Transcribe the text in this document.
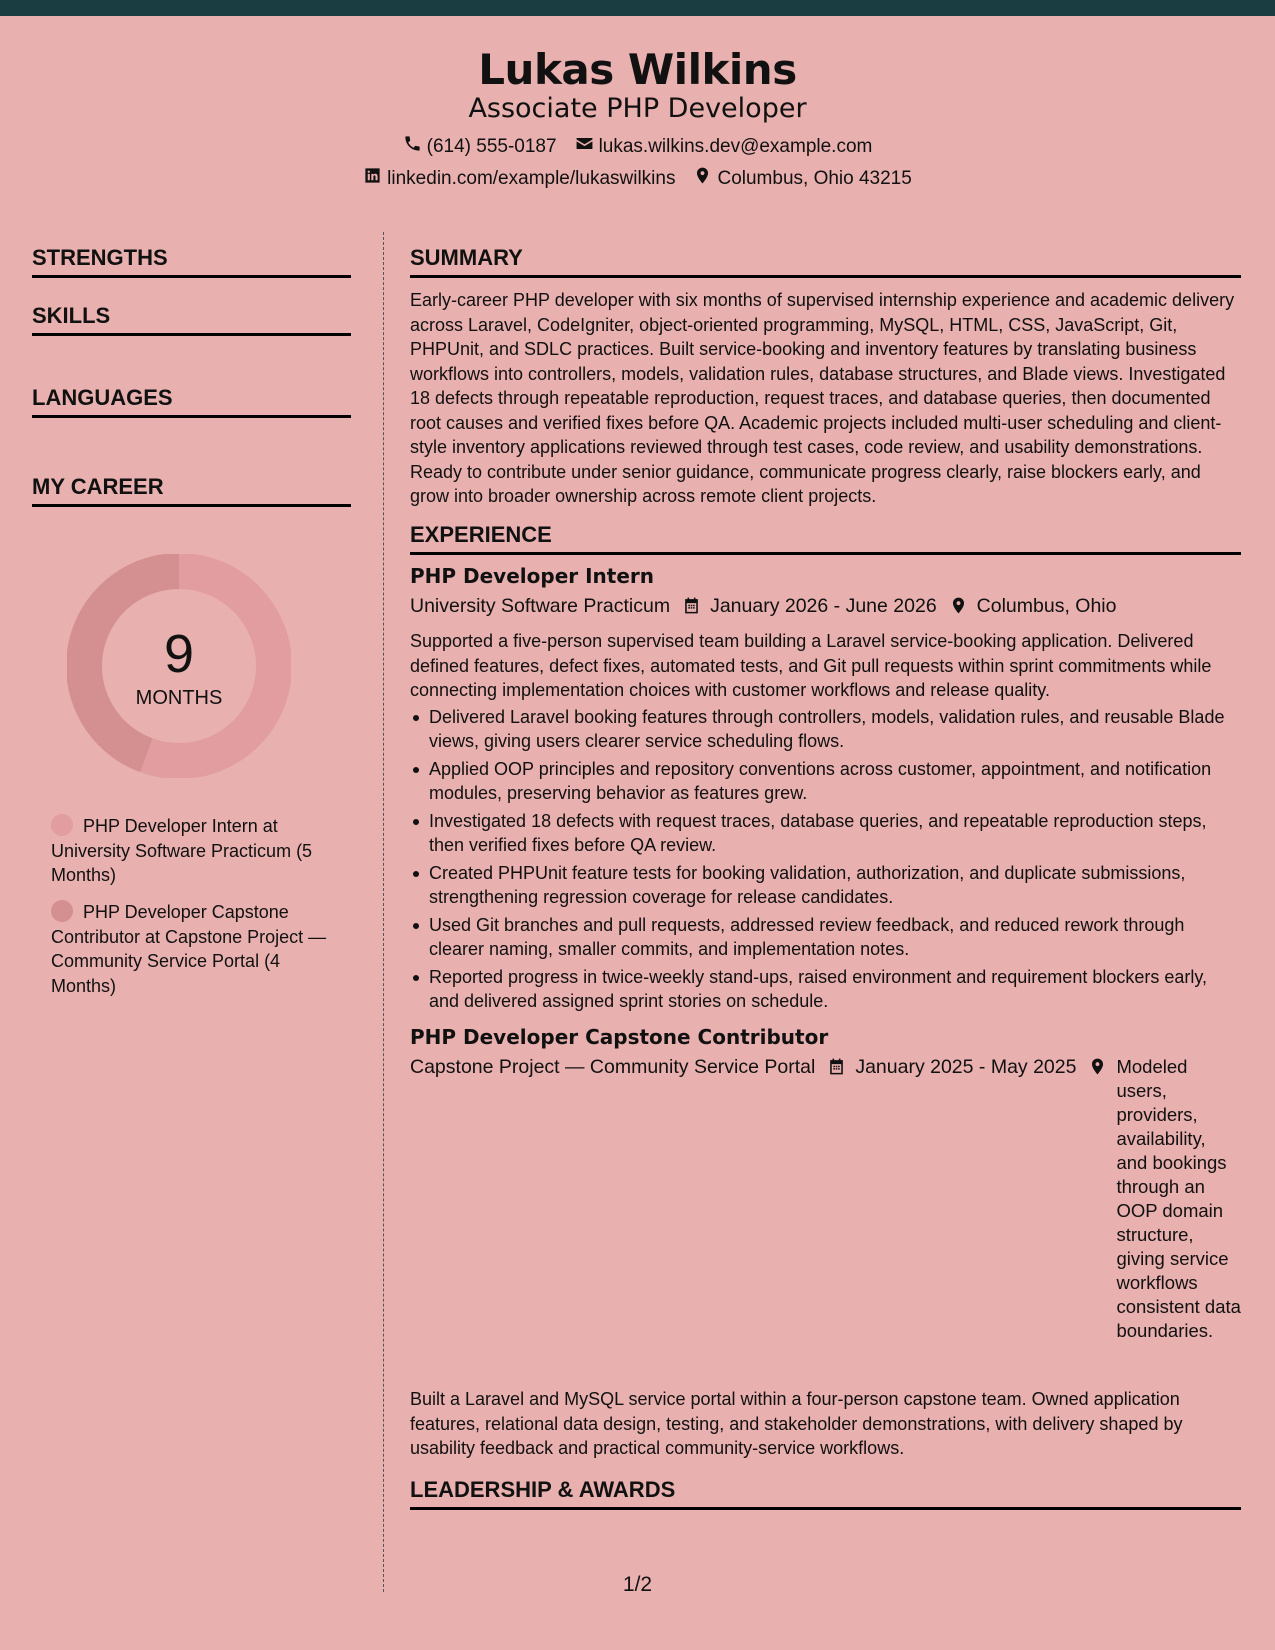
Lukas Wilkins
Associate PHP Developer
(614) 555-0187 lukas.wilkins.dev@example.com
linkedin.com/example/lukaswilkins Columbus, Ohio 43215
STRENGTHS
SKILLS
LANGUAGES
MY CAREER
9
MONTHS
PHP Developer Intern at University Software Practicum (5 Months)
PHP Developer Capstone Contributor at Capstone Project — Community Service Portal (4 Months)
SUMMARY
Early-career PHP developer with six months of supervised internship experience and academic delivery across Laravel, CodeIgniter, object-oriented programming, MySQL, HTML, CSS, JavaScript, Git, PHPUnit, and SDLC practices. Built service-booking and inventory features by translating business workflows into controllers, models, validation rules, database structures, and Blade views. Investigated 18 defects through repeatable reproduction, request traces, and database queries, then documented root causes and verified fixes before QA. Academic projects included multi-user scheduling and client-style inventory applications reviewed through test cases, code review, and usability demonstrations. Ready to contribute under senior guidance, communicate progress clearly, raise blockers early, and grow into broader ownership across remote client projects.
EXPERIENCE
PHP Developer Intern
University Software Practicum January 2026 - June 2026 Columbus, Ohio
Supported a five-person supervised team building a Laravel service-booking application. Delivered defined features, defect fixes, automated tests, and Git pull requests within sprint commitments while connecting implementation choices with customer workflows and release quality.
Delivered Laravel booking features through controllers, models, validation rules, and reusable Blade views, giving users clearer service scheduling flows.
Applied OOP principles and repository conventions across customer, appointment, and notification modules, preserving behavior as features grew.
Investigated 18 defects with request traces, database queries, and repeatable reproduction steps, then verified fixes before QA review.
Created PHPUnit feature tests for booking validation, authorization, and duplicate submissions, strengthening regression coverage for release candidates.
Used Git branches and pull requests, addressed review feedback, and reduced rework through clearer naming, smaller commits, and implementation notes.
Reported progress in twice-weekly stand-ups, raised environment and requirement blockers early, and delivered assigned sprint stories on schedule.
PHP Developer Capstone Contributor
Capstone Project — Community Service Portal January 2025 - May 2025 Modeled users, providers, availability, and bookings through an OOP domain structure, giving service workflows consistent data boundaries.
Built a Laravel and MySQL service portal within a four-person capstone team. Owned application features, relational data design, testing, and stakeholder demonstrations, with delivery shaped by usability feedback and practical community-service workflows.
LEADERSHIP & AWARDS
1/2
